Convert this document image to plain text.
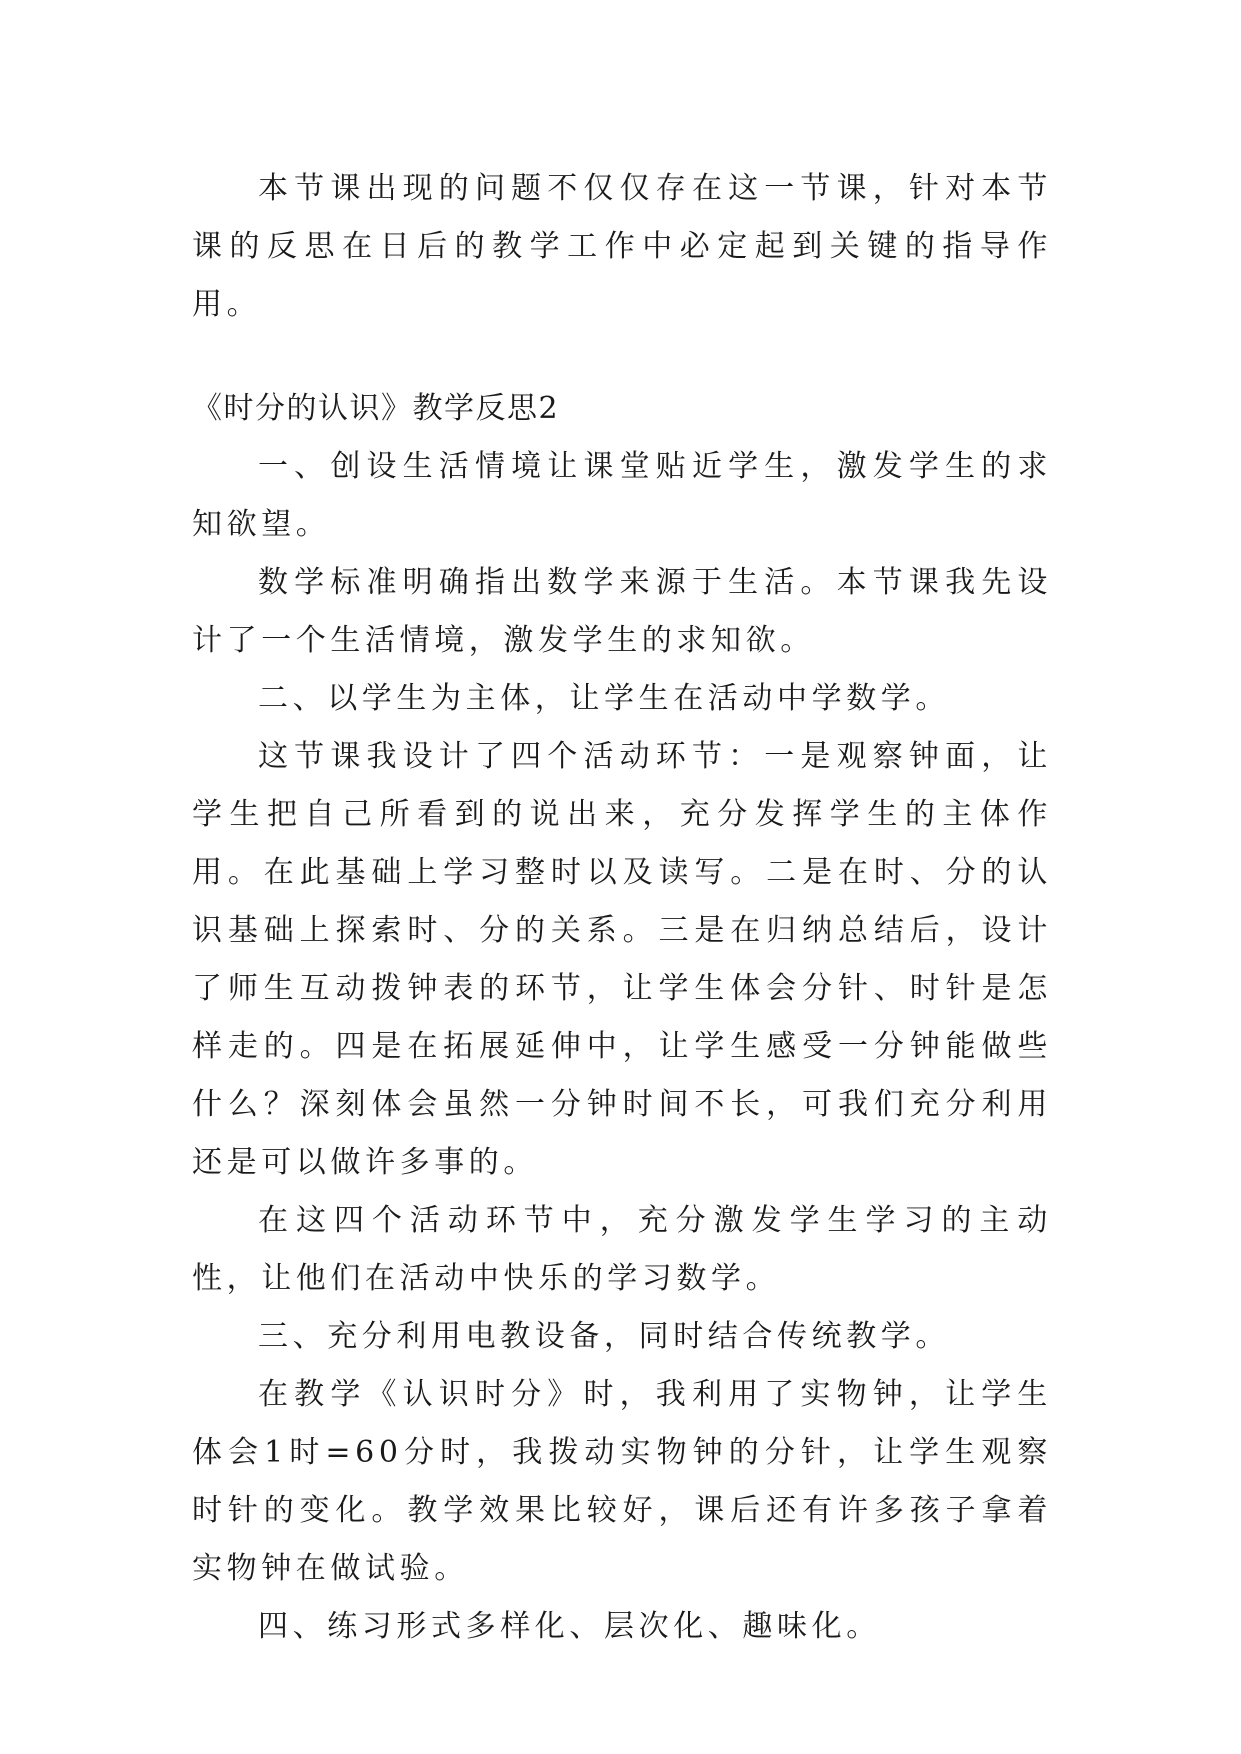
本节课出现的问题不仅仅存在这一节课，针对本节课的反思在日后的教学工作中必定起到关键的指导作用。

《时分的认识》教学反思2

一、创设生活情境让课堂贴近学生，激发学生的求知欲望。

数学标准明确指出数学来源于生活。本节课我先设计了一个生活情境，激发学生的求知欲。

二、以学生为主体，让学生在活动中学数学。

这节课我设计了四个活动环节：一是观察钟面，让学生把自己所看到的说出来，充分发挥学生的主体作用。在此基础上学习整时以及读写。二是在时、分的认识基础上探索时、分的关系。三是在归纳总结后，设计了师生互动拨钟表的环节，让学生体会分针、时针是怎样走的。四是在拓展延伸中，让学生感受一分钟能做些什么？深刻体会虽然一分钟时间不长，可我们充分利用还是可以做许多事的。

在这四个活动环节中，充分激发学生学习的主动性，让他们在活动中快乐的学习数学。

三、充分利用电教设备，同时结合传统教学。

在教学《认识时分》时，我利用了实物钟，让学生体会1时=60分时，我拨动实物钟的分针，让学生观察时针的变化。教学效果比较好，课后还有许多孩子拿着实物钟在做试验。

四、练习形式多样化、层次化、趣味化。
